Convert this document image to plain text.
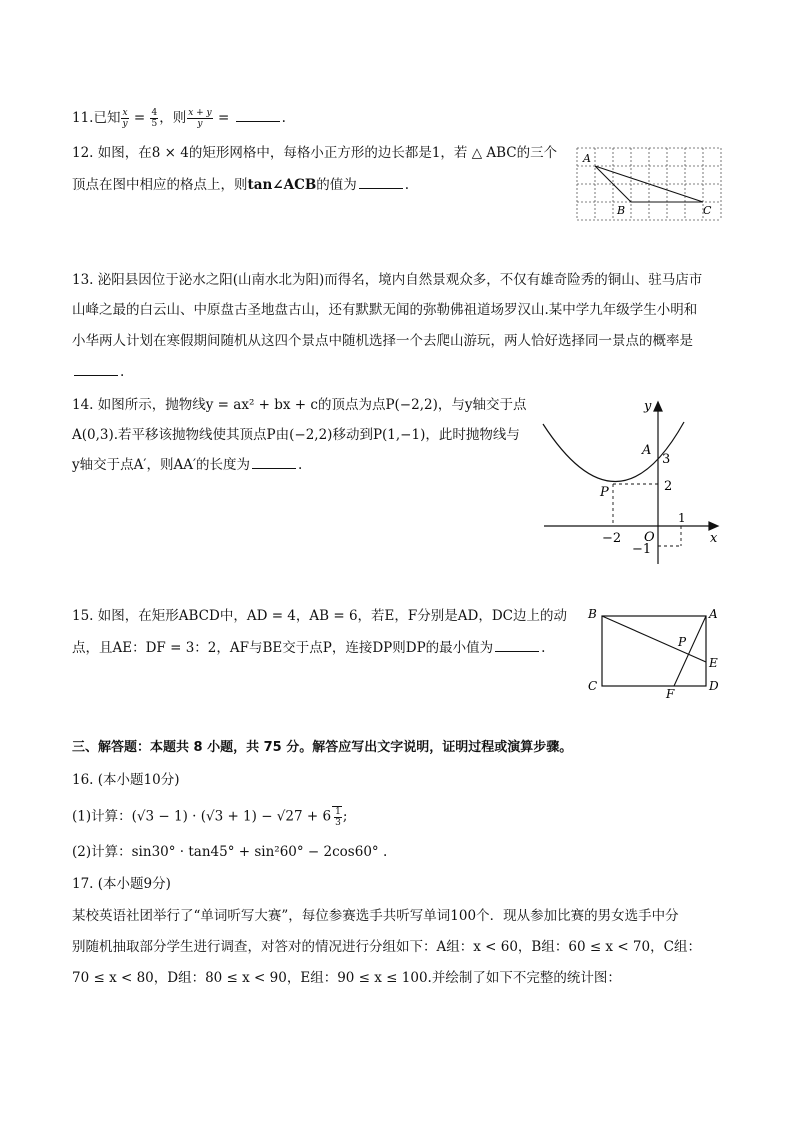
11.已知 $\frac{x}{y} = \frac{4}{5}$ ，则 $\frac{x + y}{y}$ =	.
12. 如图，在8 × 4的矩形网格中，每格小正方形的边长都是1，若 △ ABC的三个
顶点在图中相应的格点上，则tan∠ACB的值为	.
A
B	C
13. 泌阳县因位于泌水之阳(山南水北为阳)而得名，境内自然景观众多，不仅有雄奇险秀的铜山、驻马店市
山峰之最的白云山、中原盘古圣地盘古山，还有默默无闻的弥勒佛祖道场罗汉山.某中学九年级学生小明和
小华两人计划在寒假期间随机从这四个景点中随机选择一个去爬山游玩，两人恰好选择同一景点的概率是
.
14. 如图所示，抛物线y = ax² + bx + c的顶点为点P(−2,2)，与y轴交于点
A(0,3).若平移该抛物线使其顶点P由(−2,2)移动到P(1,−1)，此时抛物线与
y轴交于点A′，则AA′的长度为	.
y
x
A
P
O
3
2
1
−2
−1
15. 如图，在矩形ABCD中，AD = 4，AB = 6，若E，F分别是AD，DC边上的动
点，且AE：DF = 3：2，AF与BE交于点P，连接DP则DP的最小值为	.
B	A
C	D
E
F
P
三、解答题：本题共 8 小题，共 75 分。解答应写出文字说明，证明过程或演算步骤。
16. (本小题10分)
(1)计算：$(√3 - 1) \cdot (√3 + 1) - √27 + 6 \frac{1}{3}$ ;
(2)计算：sin30° · tan45° + sin²60° − 2cos60° .
17. (本小题9分)
某校英语社团举行了“单词听写大赛”，每位参赛选手共听写单词100个．现从参加比赛的男女选手中分
别随机抽取部分学生进行调查，对答对的情况进行分组如下：A组：x < 60，B组：60 ≤ x < 70，C组：
70 ≤ x < 80，D组：80 ≤ x < 90，E组：90 ≤ x ≤ 100.并绘制了如下不完整的统计图：
